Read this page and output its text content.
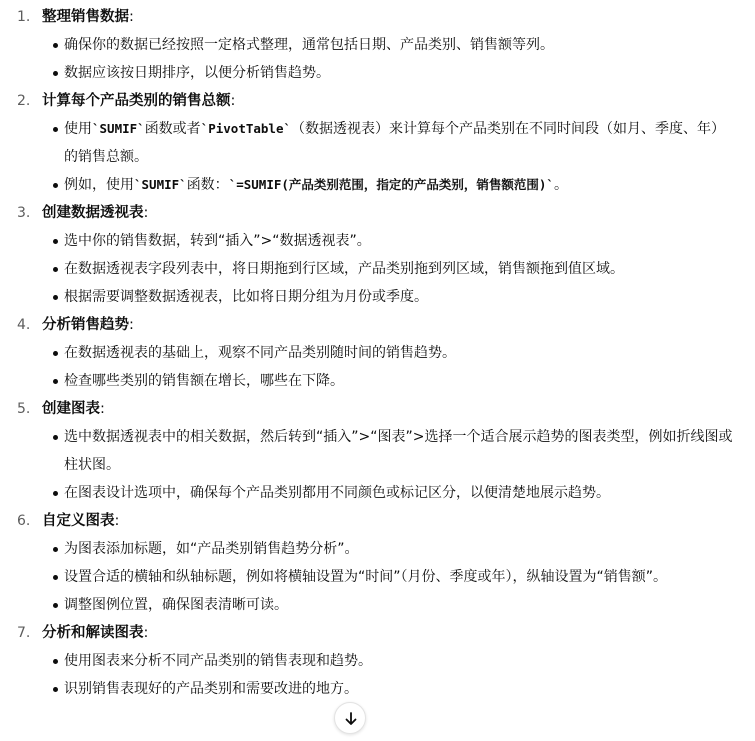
1. 整理销售数据:
确保你的数据已经按照一定格式整理，通常包括日期、产品类别、销售额等列。
数据应该按日期排序，以便分析销售趋势。
2. 计算每个产品类别的销售总额:
使用`SUMIF`函数或者`PivotTable`（数据透视表）来计算每个产品类别在不同时间段（如月、季度、年）的销售总额。
例如，使用`SUMIF`函数：`=SUMIF(产品类别范围，指定的产品类别，销售额范围)`。
3. 创建数据透视表:
选中你的销售数据，转到“插入”>“数据透视表”。
在数据透视表字段列表中，将日期拖到行区域，产品类别拖到列区域，销售额拖到值区域。
根据需要调整数据透视表，比如将日期分组为月份或季度。
4. 分析销售趋势:
在数据透视表的基础上，观察不同产品类别随时间的销售趋势。
检查哪些类别的销售额在增长，哪些在下降。
5. 创建图表:
选中数据透视表中的相关数据，然后转到“插入”>“图表”>选择一个适合展示趋势的图表类型，例如折线图或柱状图。
在图表设计选项中，确保每个产品类别都用不同颜色或标记区分，以便清楚地展示趋势。
6. 自定义图表:
为图表添加标题，如“产品类别销售趋势分析”。
设置合适的横轴和纵轴标题，例如将横轴设置为“时间”（月份、季度或年），纵轴设置为“销售额”。
调整图例位置，确保图表清晰可读。
7. 分析和解读图表:
使用图表来分析不同产品类别的销售表现和趋势。
识别销售表现好的产品类别和需要改进的地方。
